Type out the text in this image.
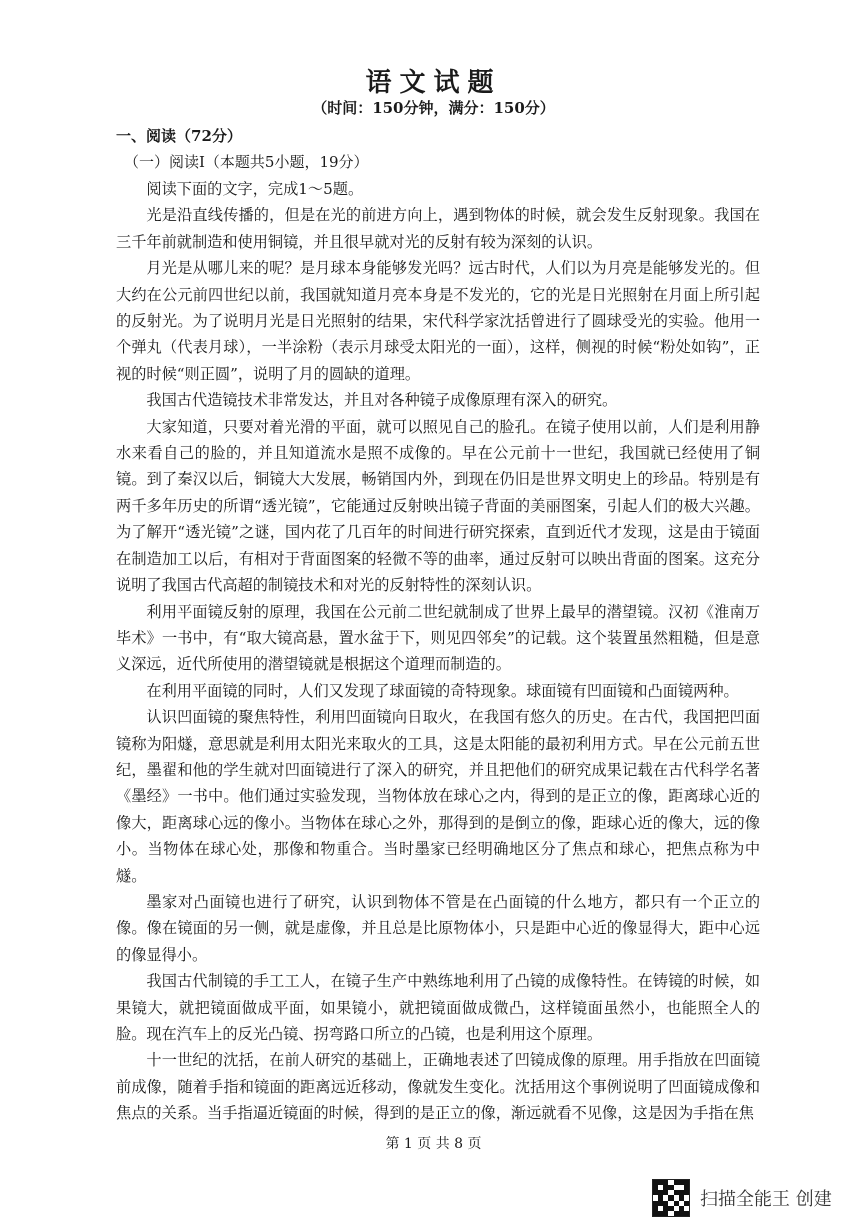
语文试题
（时间：150分钟，满分：150分）
一、阅读（72分）
（一）阅读Ⅰ（本题共5小题，19分）

阅读下面的文字，完成1～5题。

光是沿直线传播的，但是在光的前进方向上，遇到物体的时候，就会发生反射现象。我国在三千年前就制造和使用铜镜，并且很早就对光的反射有较为深刻的认识。

月光是从哪儿来的呢？是月球本身能够发光吗？远古时代，人们以为月亮是能够发光的。但大约在公元前四世纪以前，我国就知道月亮本身是不发光的，它的光是日光照射在月面上所引起的反射光。为了说明月光是日光照射的结果，宋代科学家沈括曾进行了圆球受光的实验。他用一个弹丸（代表月球），一半涂粉（表示月球受太阳光的一面），这样，侧视的时候“粉处如钩”，正视的时候“则正圆”，说明了月的圆缺的道理。

我国古代造镜技术非常发达，并且对各种镜子成像原理有深入的研究。

大家知道，只要对着光滑的平面，就可以照见自己的脸孔。在镜子使用以前，人们是利用静水来看自己的脸的，并且知道流水是照不成像的。早在公元前十一世纪，我国就已经使用了铜镜。到了秦汉以后，铜镜大大发展，畅销国内外，到现在仍旧是世界文明史上的珍品。特别是有两千多年历史的所谓“透光镜”，它能通过反射映出镜子背面的美丽图案，引起人们的极大兴趣。为了解开“透光镜”之谜，国内花了几百年的时间进行研究探索，直到近代才发现，这是由于镜面在制造加工以后，有相对于背面图案的轻微不等的曲率，通过反射可以映出背面的图案。这充分说明了我国古代高超的制镜技术和对光的反射特性的深刻认识。

利用平面镜反射的原理，我国在公元前二世纪就制成了世界上最早的潜望镜。汉初《淮南万毕术》一书中，有“取大镜高悬，置水盆于下，则见四邻矣”的记载。这个装置虽然粗糙，但是意义深远，近代所使用的潜望镜就是根据这个道理而制造的。

在利用平面镜的同时，人们又发现了球面镜的奇特现象。球面镜有凹面镜和凸面镜两种。

认识凹面镜的聚焦特性，利用凹面镜向日取火，在我国有悠久的历史。在古代，我国把凹面镜称为阳燧，意思就是利用太阳光来取火的工具，这是太阳能的最初利用方式。早在公元前五世纪，墨翟和他的学生就对凹面镜进行了深入的研究，并且把他们的研究成果记载在古代科学名著《墨经》一书中。他们通过实验发现，当物体放在球心之内，得到的是正立的像，距离球心近的像大，距离球心远的像小。当物体在球心之外，那得到的是倒立的像，距球心近的像大，远的像小。当物体在球心处，那像和物重合。当时墨家已经明确地区分了焦点和球心，把焦点称为中燧。

墨家对凸面镜也进行了研究，认识到物体不管是在凸面镜的什么地方，都只有一个正立的像。像在镜面的另一侧，就是虚像，并且总是比原物体小，只是距中心近的像显得大，距中心远的像显得小。

我国古代制镜的手工工人，在镜子生产中熟练地利用了凸镜的成像特性。在铸镜的时候，如果镜大，就把镜面做成平面，如果镜小，就把镜面做成微凸，这样镜面虽然小，也能照全人的脸。现在汽车上的反光凸镜、拐弯路口所立的凸镜，也是利用这个原理。

十一世纪的沈括，在前人研究的基础上，正确地表述了凹镜成像的原理。用手指放在凹面镜前成像，随着手指和镜面的距离远近移动，像就发生变化。沈括用这个事例说明了凹面镜成像和焦点的关系。当手指逼近镜面的时候，得到的是正立的像，渐远就看不见像，这是因为手指在焦

第 1 页 共 8 页
扫描全能王 创建
